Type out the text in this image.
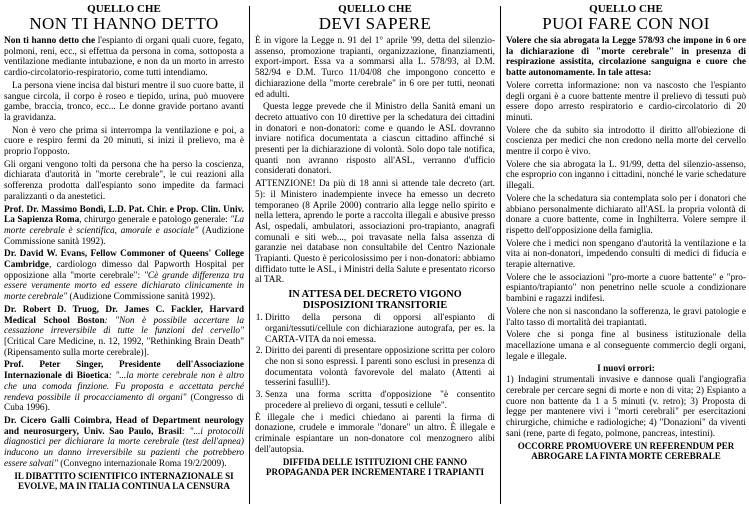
QUELLO CHE
NON TI HANNO DETTO

Non ti hanno detto che l'espianto di organi quali cuore, fegato, polmoni, reni, ecc., si effettua da persona in coma, sottoposta a ventilazione mediante intubazione, e non da un morto in arresto cardio-circolatorio-respiratorio, come tutti intendiamo.

La persona viene incisa dal bisturi mentre il suo cuore batte, il sangue circola, il corpo è roseo e tiepido, urina, può muovere gambe, braccia, tronco, ecc... Le donne gravide portano avanti la gravidanza.

Non è vero che prima si interrompa la ventilazione e poi, a cuore e respiro fermi da 20 minuti, si inizi il prelievo, ma è proprio l'opposto.

Gli organi vengono tolti da persona che ha perso la coscienza, dichiarata d'autorità in "morte cerebrale", le cui reazioni alla sofferenza prodotta dall'espianto sono impedite da farmaci paralizzanti o da anestetici.

Prof. Dr. Massimo Bondì, L.D. Pat. Chir. e Prop. Clin. Univ. La Sapienza Roma, chirurgo generale e patologo generale: "La morte cerebrale è scientifica, amorale e asociale" (Audizione Commissione sanità 1992).

Dr. David W. Evans, Fellow Commoner of Queens' College Cambridge, cardiologo dimesso dal Papworth Hospital per opposizione alla "morte cerebrale": "Cè grande differenza tra essere veramente morto ed essere dichiarato clinicamente in morte cerebrale" (Audizione Commissione sanità 1992).

Dr. Robert D. Truog, Dr. James C. Fackler, Harvard Medical School Boston: "Non è possibile accertare la cessazione irreversibile di tutte le funzioni del cervello" [Critical Care Medicine, n. 12, 1992, "Rethinking Brain Death" (Ripensamento sulla morte cerebrale)].

Prof. Peter Singer, Presidente dell'Associazione Internazionale di Bioetica: "...la morte cerebrale non è altro che una comoda finzione. Fu proposta e accettata perché rendeva possibile il procacciamento di organi" (Congresso di Cuba 1996).

Dr. Cicero Galli Coimbra, Head of Department neurology and neurosurgery, Univ. Sao Paulo, Brasil: "...i protocolli diagnostici per dichiarare la morte cerebrale (test dell'apnea) inducono un danno irreversibile su pazienti che potrebbero essere salvati" (Convegno internazionale Roma 19/2/2009).

IL DIBATTITO SCIENTIFICO INTERNAZIONALE SI EVOLVE, MA IN ITALIA CONTINUA LA CENSURA
QUELLO CHE
DEVI SAPERE

È in vigore la Legge n. 91 del 1° aprile '99, detta del silenzio-assenso, promozione trapianti, organizzazione, finanziamenti, export-import. Essa va a sommarsi alla L. 578/93, al D.M. 582/94 e D.M. Turco 11/04/08 che impongono concetto e dichiarazione della "morte cerebrale" in 6 ore per tutti, neonati ed adulti.

Questa legge prevede che il Ministro della Sanità emani un decreto attuativo con 10 direttive per la schedatura dei cittadini in donatori e non-donatori: come e quando le ASL dovranno inviare notifica documentata a ciascun cittadino affinché si presenti per la dichiarazione di volontà. Solo dopo tale notifica, quanti non avranno risposto all'ASL, verranno d'ufficio considerati donatori.

ATTENZIONE! Da più di 18 anni si attende tale decreto (art. 5): il Ministero inadempiente invece ha emesso un decreto temporaneo (8 Aprile 2000) contrario alla legge nello spirito e nella lettera, aprendo le porte a raccolta illegali e abusive presso Asl, ospedali, ambulatori, associazioni pro-trapianto, anagrafi comunali e siti web..., poi travasate nella falsa assenza di garanzie nei database non consultabile del Centro Nazionale Trapianti. Questo è pericolosissimo per i non-donatori: abbiamo diffidato tutte le ASL, i Ministri della Salute e presentato ricorso al TAR.

IN ATTESA DEL DECRETO VIGONO DISPOSIZIONI TRANSITORIE
1. Diritto della persona di opporsi all'espianto di organi/tessuti/cellule con dichiarazione autografa, per es. la CARTA-VITA da noi emessa.
2. Diritto dei parenti di presentare opposizione scritta per coloro che non si sono espressi. I parenti sono esclusi in presenza di documentata volontà favorevole del malato (Attenti ai tesserini fasulli!).
3. Senza una forma scritta d'opposizione "è consentito procedere al prelievo di organi, tessuti e cellule".

È illegale che i medici chiedano ai parenti la firma di donazione, crudele e immorale "donare" un altro. È illegale e criminale espiantare un non-donatore col menzognero alibi dell'autopsia.

DIFFIDA DELLE ISTITUZIONI CHE FANNO PROPAGANDA PER INCREMENTARE I TRAPIANTI
QUELLO CHE
PUOI FARE CON NOI

Volere che sia abrogata la Legge 578/93 che impone in 6 ore la dichiarazione di "morte cerebrale" in presenza di respirazione assistita, circolazione sanguigna e cuore che batte autonomamente. In tale attesa:

Volere corretta informazione: non va nascosto che l'espianto degli organi è a cuore battente mentre il prelievo di tessuti può essere dopo arresto respiratorio e cardio-circolatorio di 20 minuti.

Volere che da subito sia introdotto il diritto all'obiezione di coscienza per medici che non credono nella morte del cervello mentre il corpo è vivo.

Volere che sia abrogata la L. 91/99, detta del silenzio-assenso, che esproprio con inganno i cittadini, nonché le varie schedature illegali.

Volere che la schedatura sia contemplata solo per i donatori che abbiano personalmente dichiarato all'ASL la propria volontà di donare a cuore battente, come in Inghilterra. Volere sempre il rispetto dell'opposizione della famiglia.

Volere che i medici non spengano d'autorità la ventilazione e la vita ai non-donatori, impedendo consulti di medici di fiducia e terapie alternative.

Volere che le associazioni "pro-morte a cuore battente" e "pro-espianto/trapianto" non penetrino nelle scuole a condizionare bambini e ragazzi indifesi.

Volere che non si nascondano la sofferenza, le gravi patologie e l'alto tasso di mortalità dei trapiantati.

Volere che si ponga fine al business istituzionale della macellazione umana e al conseguente commercio degli organi, legale e illegale.

I nuovi orrori:

1) Indagini strumentali invasive e dannose quali l'angiografia cerebrale per cercare segni di morte e non di vita; 2) Espianto a cuore non battente da 1 a 5 minuti (v. retro); 3) Proposta di legge per mantenere vivi i "morti cerebrali" per esercitazioni chirurgiche, chimiche e radiologiche; 4) "Donazioni" da viventi sani (rene, parte di fegato, polmone, pancreas, intestini).

OCCORRE PROMUOVERE UN REFERENDUM PER ABROGARE LA FINTA MORTE CEREBRALE
